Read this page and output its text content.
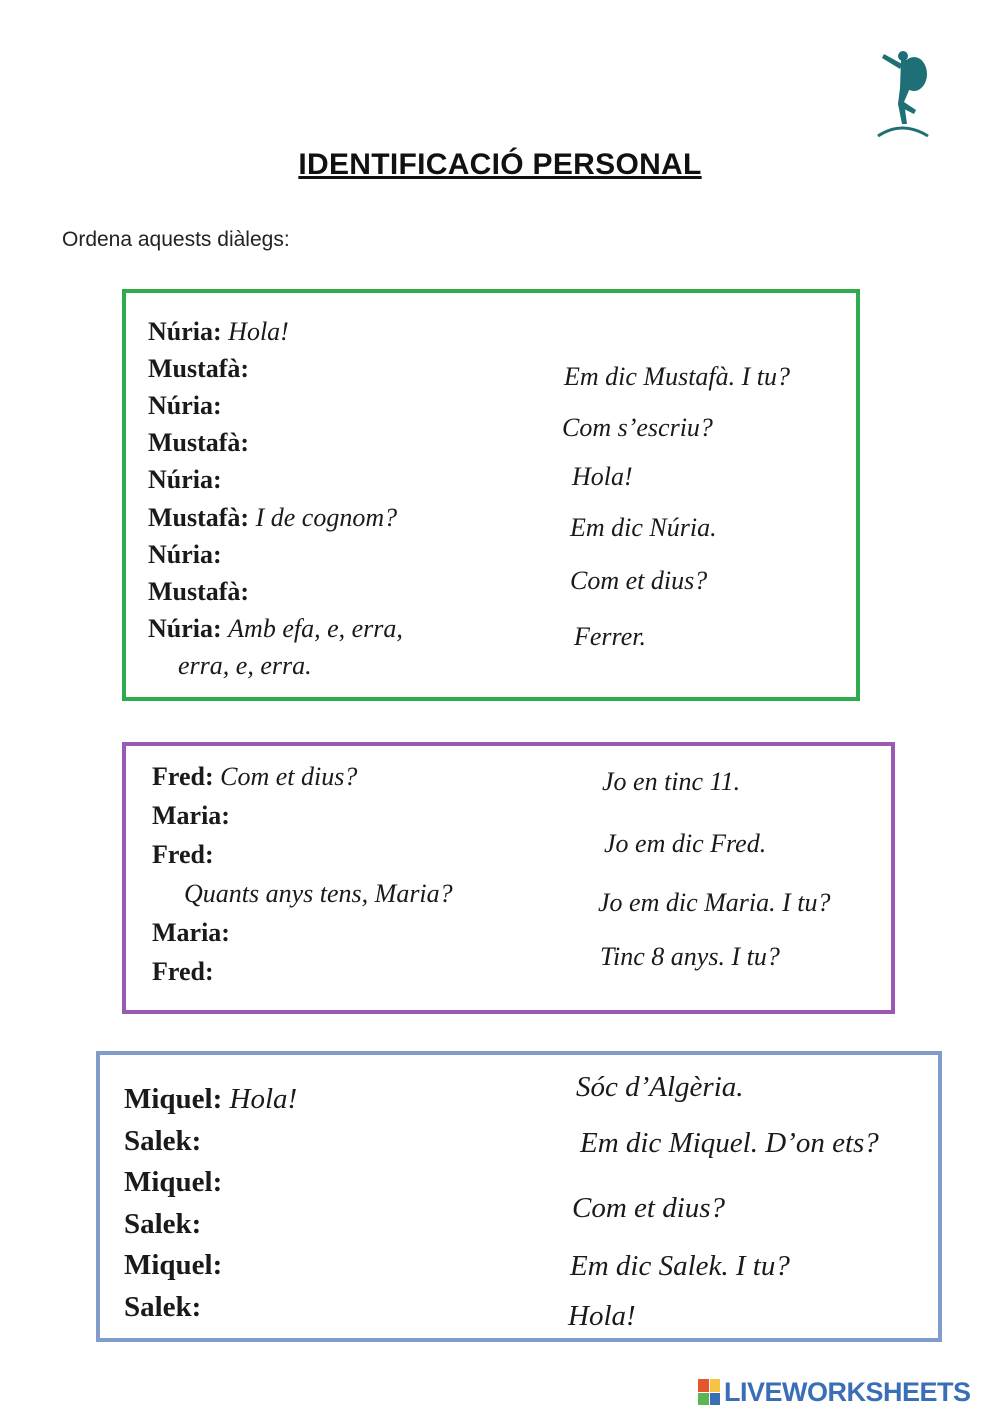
IDENTIFICACIÓ PERSONAL
Ordena aquests diàlegs:
Núria: Hola!
Mustafà:
Núria:
Mustafà:
Núria:
Mustafà: I de cognom?
Núria:
Mustafà:
Núria: Amb efa, e, erra,
erra, e, erra.
Em dic Mustafà. I tu?
Com s’escriu?
Hola!
Em dic Núria.
Com et dius?
Ferrer.
Fred: Com et dius?
Maria:
Fred:
Quants anys tens, Maria?
Maria:
Fred:
Jo en tinc 11.
Jo em dic Fred.
Jo em dic Maria. I tu?
Tinc 8 anys. I tu?
Miquel: Hola!
Salek:
Miquel:
Salek:
Miquel:
Salek:
Sóc d’Algèria.
Em dic Miquel. D’on ets?
Com et dius?
Em dic Salek. I tu?
Hola!
LIVEWORKSHEETS
